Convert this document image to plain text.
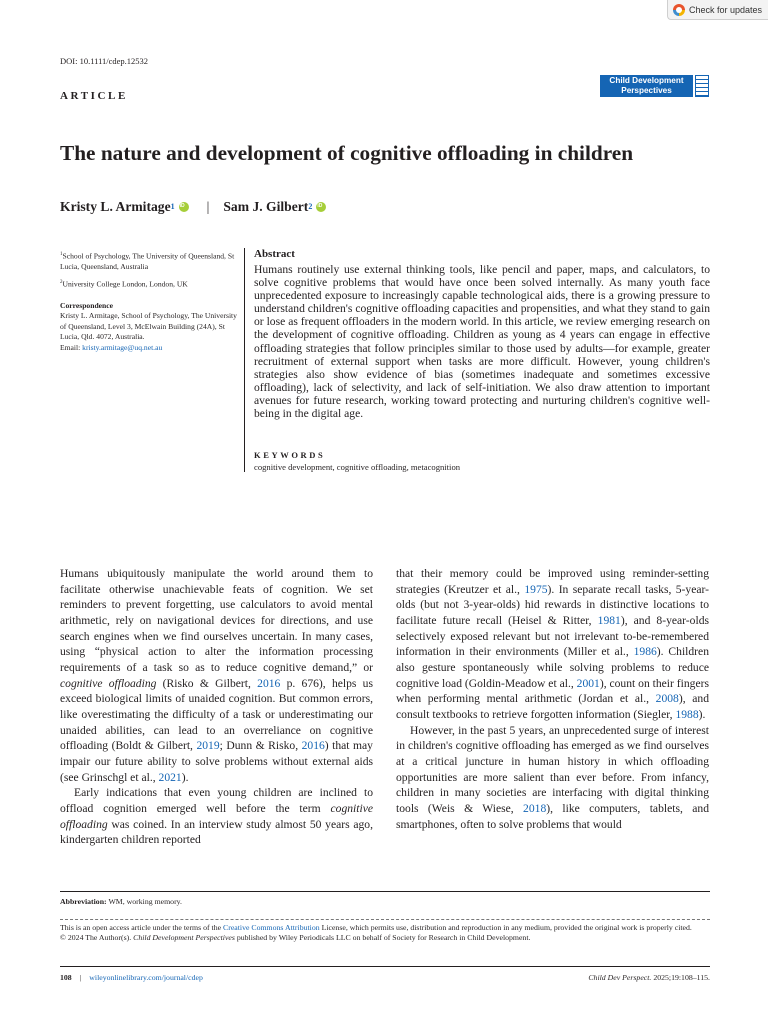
Check for updates
DOI: 10.1111/cdep.12532
ARTICLE
Child Development
Perspectives
The nature and development of cognitive offloading in children
Kristy L. Armitage$^1$
iD | Sam J. Gilbert$^2$
iD

$^1$School of Psychology, The University of Queensland, St Lucia, Queensland, Australia

$^2$University College London, London, UK

Correspondence
Kristy L. Armitage, School of Psychology, The University of Queensland, Level 3, McElwain Building (24A), St Lucia, Qld. 4072, Australia.
Email: kristy.armitage@uq.net.au

Abstract

Humans routinely use external thinking tools, like pencil and paper, maps, and calculators, to solve cognitive problems that would have once been solved internally. As many youth face unprecedented exposure to increasingly capable technological aids, there is a growing pressure to understand children's cognitive offloading capacities and propensities, and what they stand to gain or lose as frequent offloaders in the modern world. In this article, we review emerging research on the development of cognitive offloading. Children as young as 4 years can engage in effective offloading strategies that follow principles similar to those used by adults—for example, greater recruitment of external support when tasks are more difficult. However, young children's strategies also show evidence of bias (sometimes inadequate and sometimes excessive offloading), lack of selectivity, and lack of self-initiation. We also draw attention to important avenues for future research, working toward protecting and nurturing children's cognitive well-being in the digital age.

KEYWORDS

cognitive development, cognitive offloading, metacognition

Humans ubiquitously manipulate the world around them to facilitate otherwise unachievable feats of cognition. We set reminders to prevent forgetting, use calculators to avoid mental arithmetic, rely on navigational devices for directions, and use search engines when we find ourselves uncertain. In many cases, using “physical action to alter the information processing requirements of a task so as to reduce cognitive demand,” or cognitive offloading (Risko & Gilbert, 2016 p. 676), helps us exceed biological limits of unaided cognition. But common errors, like overestimating the difficulty of a task or underestimating our unaided abilities, can lead to an overreliance on cognitive offloading (Boldt & Gilbert, 2019; Dunn & Risko, 2016) that may impair our future ability to solve problems without external aids (see Grinschgl et al., 2021).

Early indications that even young children are inclined to offload cognition emerged well before the term cognitive offloading was coined. In an interview study almost 50 years ago, kindergarten children reported

that their memory could be improved using reminder-setting strategies (Kreutzer et al., 1975). In separate recall tasks, 5-year-olds (but not 3-year-olds) hid rewards in distinctive locations to facilitate future recall (Heisel & Ritter, 1981), and 8-year-olds selectively exposed relevant but not irrelevant to-be-remembered information in their environments (Miller et al., 1986). Children also gesture spontaneously while solving problems to reduce cognitive load (Goldin-Meadow et al., 2001), count on their fingers when performing mental arithmetic (Jordan et al., 2008), and consult textbooks to retrieve forgotten information (Siegler, 1988).

However, in the past 5 years, an unprecedented surge of interest in children's cognitive offloading has emerged as we find ourselves at a critical juncture in human history in which offloading opportunities are more salient than ever before. From infancy, children in many societies are interfacing with digital thinking tools (Weis & Wiese, 2018), like computers, tablets, and smartphones, often to solve problems that would

Abbreviation: WM, working memory.
This is an open access article under the terms of the Creative Commons Attribution License, which permits use, distribution and reproduction in any medium, provided the original work is properly cited.
© 2024 The Author(s). Child Development Perspectives published by Wiley Periodicals LLC on behalf of Society for Research in Child Development.
108 | wileyonlinelibrary.com/journal/cdep	Child Dev Perspect. 2025;19:108–115.
